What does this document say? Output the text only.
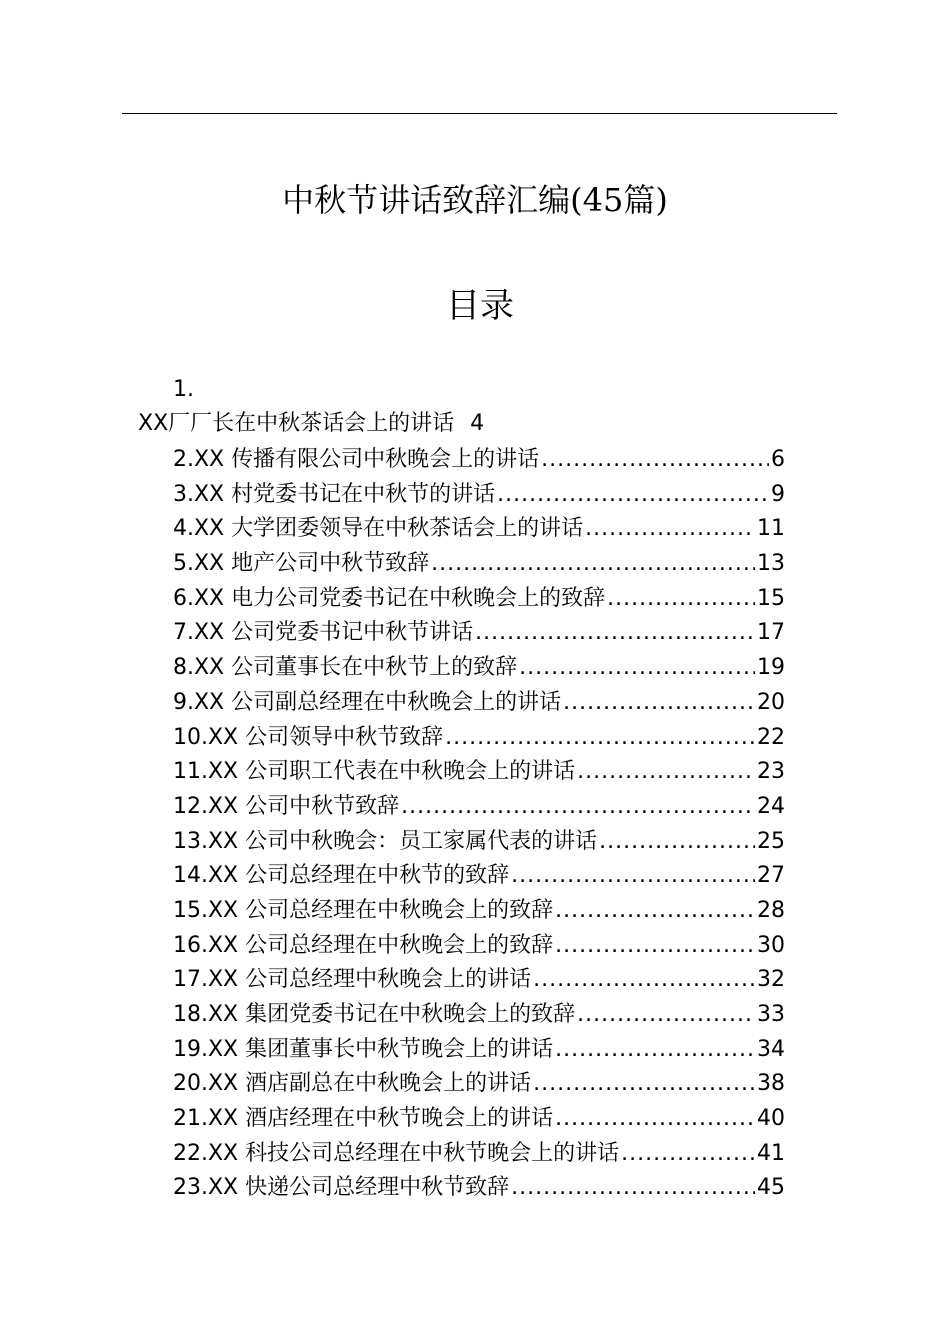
中秋节讲话致辞汇编(45篇)
目录
1.
XX厂厂长在中秋茶话会上的讲话 4
2.XX 传播有限公司中秋晚会上的讲话 .....	6
3.XX 村党委书记在中秋节的讲话 .....	9
4.XX 大学团委领导在中秋茶话会上的讲话 .....	11
5.XX 地产公司中秋节致辞 .....	13
6.XX 电力公司党委书记在中秋晚会上的致辞 .....	15
7.XX 公司党委书记中秋节讲话 .....	17
8.XX 公司董事长在中秋节上的致辞 .....	19
9.XX 公司副总经理在中秋晚会上的讲话 .....	20
10.XX 公司领导中秋节致辞 .....	22
11.XX 公司职工代表在中秋晚会上的讲话 .....	23
12.XX 公司中秋节致辞 .....	24
13.XX 公司中秋晚会：员工家属代表的讲话 .....	25
14.XX 公司总经理在中秋节的致辞 .....	27
15.XX 公司总经理在中秋晚会上的致辞 .....	28
16.XX 公司总经理在中秋晚会上的致辞 .....	30
17.XX 公司总经理中秋晚会上的讲话 .....	32
18.XX 集团党委书记在中秋晚会上的致辞 .....	33
19.XX 集团董事长中秋节晚会上的讲话 .....	34
20.XX 酒店副总在中秋晚会上的讲话 .....	38
21.XX 酒店经理在中秋节晚会上的讲话 .....	40
22.XX 科技公司总经理在中秋节晚会上的讲话 .....	41
23.XX 快递公司总经理中秋节致辞 .....	45
